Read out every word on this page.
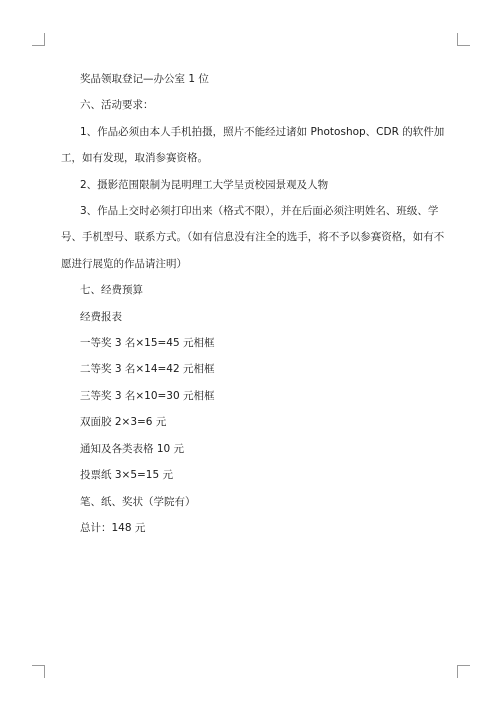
奖品领取登记—办公室 1 位

六、活动要求：

1、作品必须由本人手机拍摄，照片不能经过诸如 Photoshop、CDR 的软件加

工，如有发现，取消参赛资格。

2、摄影范围限制为昆明理工大学呈贡校园景观及人物

3、作品上交时必须打印出来（格式不限），并在后面必须注明姓名、班级、学

号、手机型号、联系方式。（如有信息没有注全的选手，将不予以参赛资格，如有不

愿进行展览的作品请注明）

七、经费预算

经费报表

一等奖 3 名×15=45 元相框

二等奖 3 名×14=42 元相框

三等奖 3 名×10=30 元相框

双面胶 2×3=6 元

通知及各类表格 10 元

投票纸 3×5=15 元

笔、纸、奖状（学院有）

总计：148 元
